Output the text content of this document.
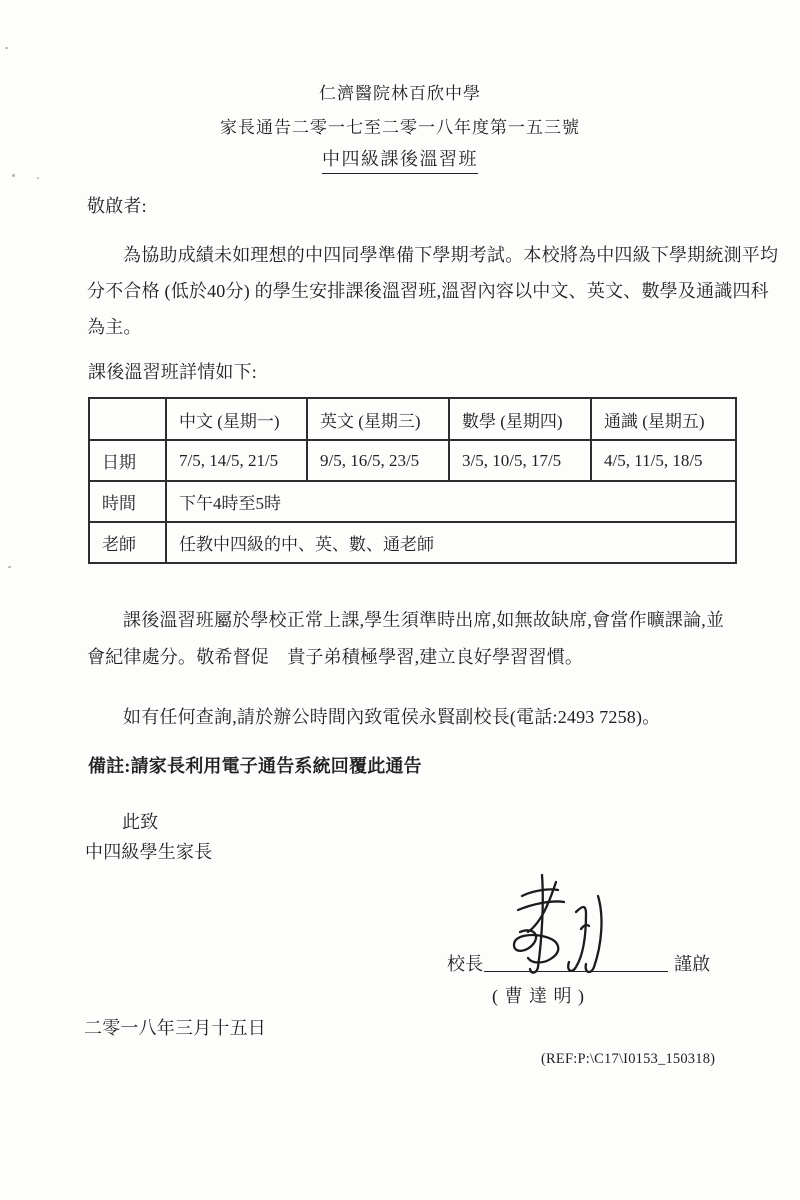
仁濟醫院林百欣中學
家長通告二零一七至二零一八年度第一五三號
中四級課後溫習班
敬啟者:
為協助成績未如理想的中四同學準備下學期考試。本校將為中四級下學期統測平均
分不合格 (低於40分) 的學生安排課後溫習班,溫習內容以中文、英文、數學及通識四科
為主。
課後溫習班詳情如下:
	中文 (星期一)	英文 (星期三)	數學 (星期四)	通識 (星期五)
日期	7/5, 14/5, 21/5	9/5, 16/5, 23/5	3/5, 10/5, 17/5	4/5, 11/5, 18/5
時間	下午4時至5時			
老師	任教中四級的中、英、數、通老師			
課後溫習班屬於學校正常上課,學生須準時出席,如無故缺席,會當作曠課論,並
會紀律處分。敬希督促　貴子弟積極學習,建立良好學習習慣。
如有任何查詢,請於辦公時間內致電侯永賢副校長(電話:2493 7258)。
備註:請家長利用電子通告系統回覆此通告
此致
中四級學生家長
校長	謹啟
( 曹 達 明 )
二零一八年三月十五日
(REF:P:\C17\I0153_150318)
